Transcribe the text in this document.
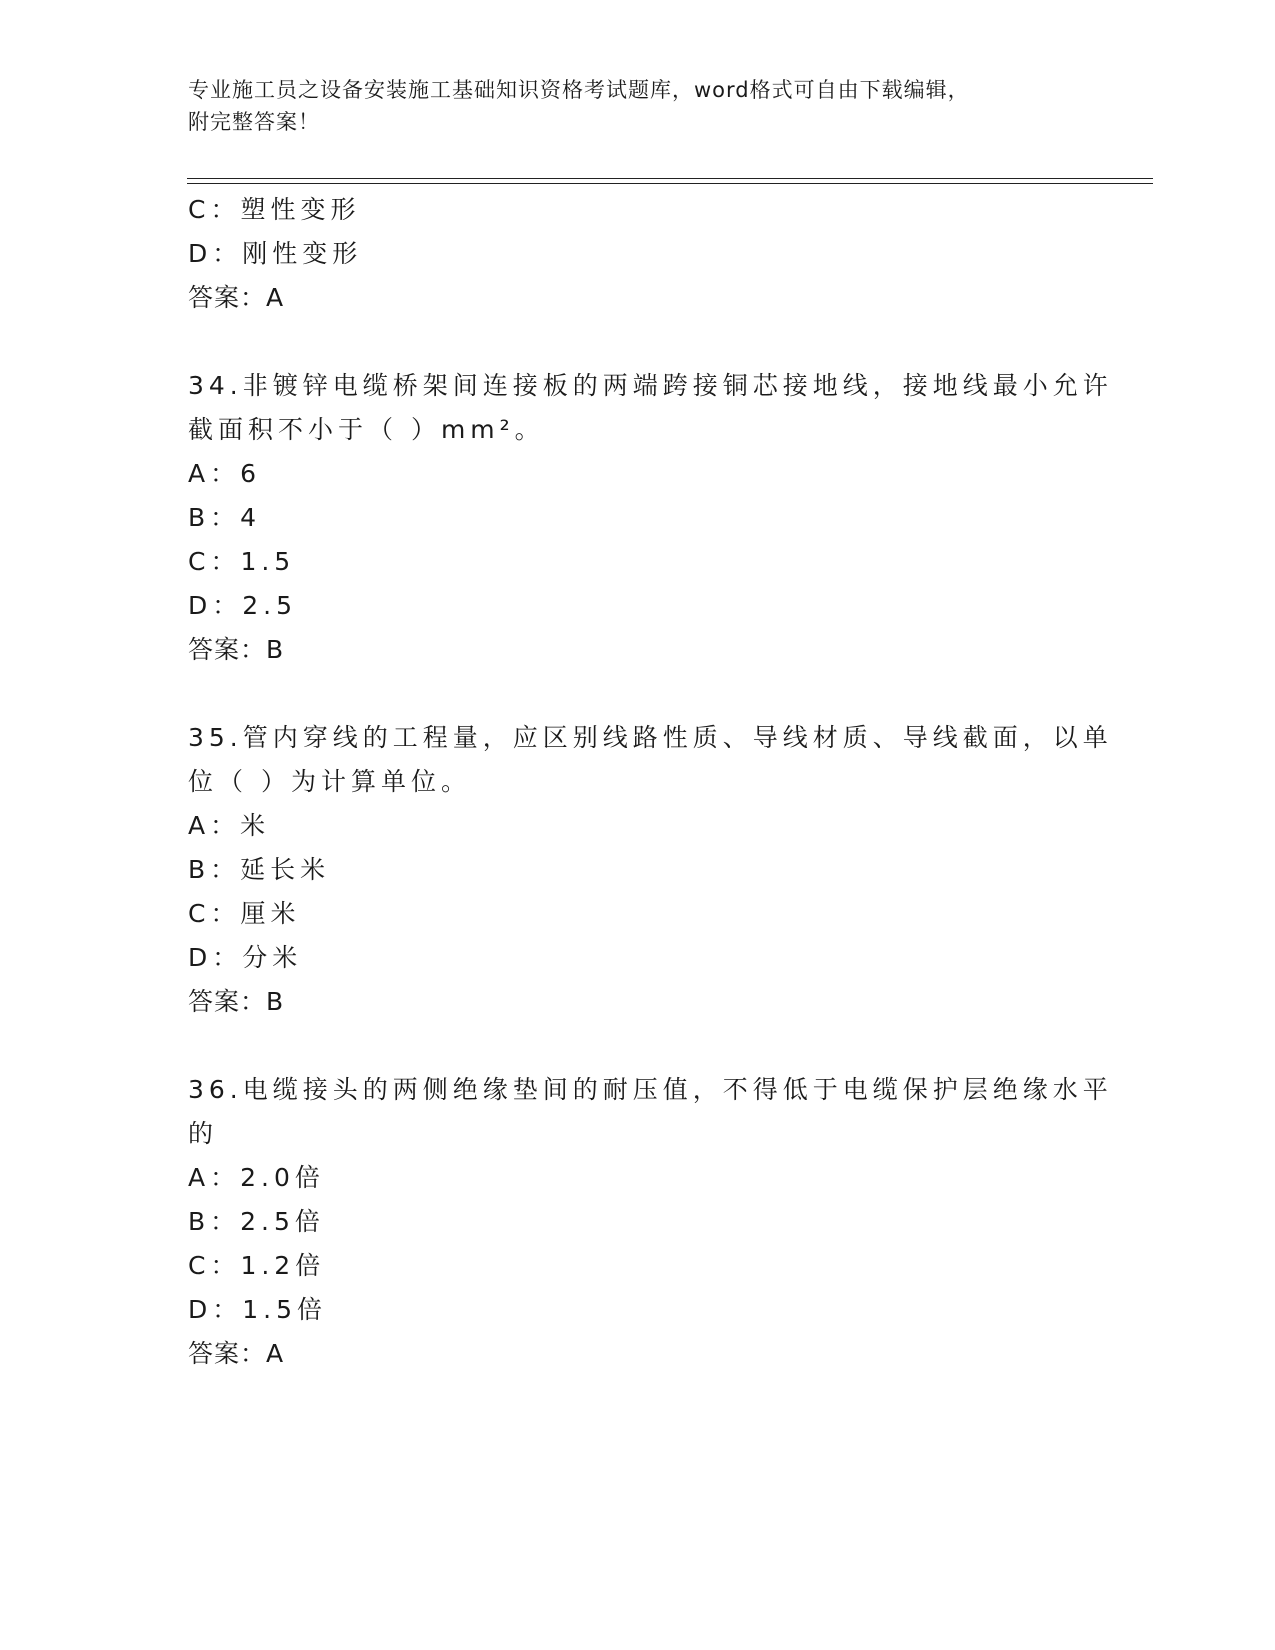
专业施工员之设备安装施工基础知识资格考试题库，word格式可自由下载编辑，
附完整答案！
C：塑性变形
D：刚性变形
答案：A
34.非镀锌电缆桥架间连接板的两端跨接铜芯接地线，接地线最小允许
截面积不小于（ ）mm²。
A：6
B：4
C：1.5
D：2.5
答案：B
35.管内穿线的工程量，应区别线路性质、导线材质、导线截面，以单
位（ ）为计算单位。
A：米
B：延长米
C：厘米
D：分米
答案：B
36.电缆接头的两侧绝缘垫间的耐压值，不得低于电缆保护层绝缘水平
的
A：2.0倍
B：2.5倍
C：1.2倍
D：1.5倍
答案：A
